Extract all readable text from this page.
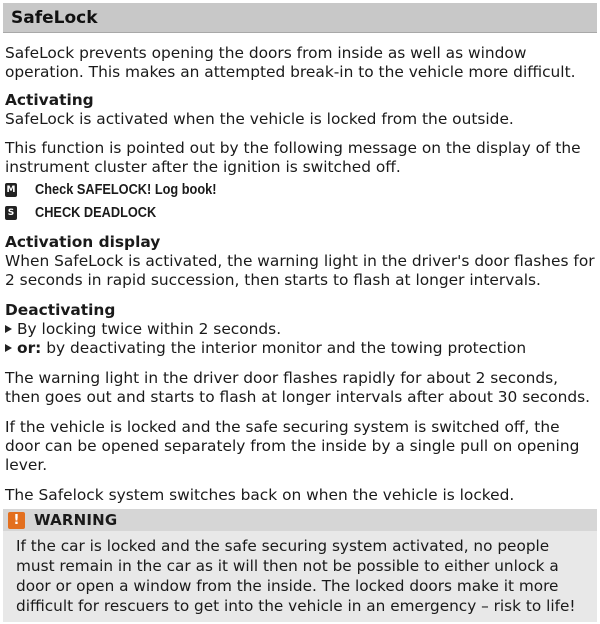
SafeLock

SafeLock prevents opening the doors from inside as well as window operation. This makes an attempted break-in to the vehicle more difficult.

Activating

SafeLock is activated when the vehicle is locked from the outside.

This function is pointed out by the following message on the display of the instrument cluster after the ignition is switched off.

M Check SAFELOCK! Log book!
S CHECK DEADLOCK

Activation display

When SafeLock is activated, the warning light in the driver's door flashes for 2 seconds in rapid succession, then starts to flash at longer intervals.

Deactivating

By locking twice within 2 seconds.
or: by deactivating the interior monitor and the towing protection

The warning light in the driver door flashes rapidly for about 2 seconds, then goes out and starts to flash at longer intervals after about 30 seconds.

If the vehicle is locked and the safe securing system is switched off, the door can be opened separately from the inside by a single pull on opening lever.

The Safelock system switches back on when the vehicle is locked.

! WARNING

If the car is locked and the safe securing system activated, no people must remain in the car as it will then not be possible to either unlock a door or open a window from the inside. The locked doors make it more difficult for rescuers to get into the vehicle in an emergency – risk to life!
